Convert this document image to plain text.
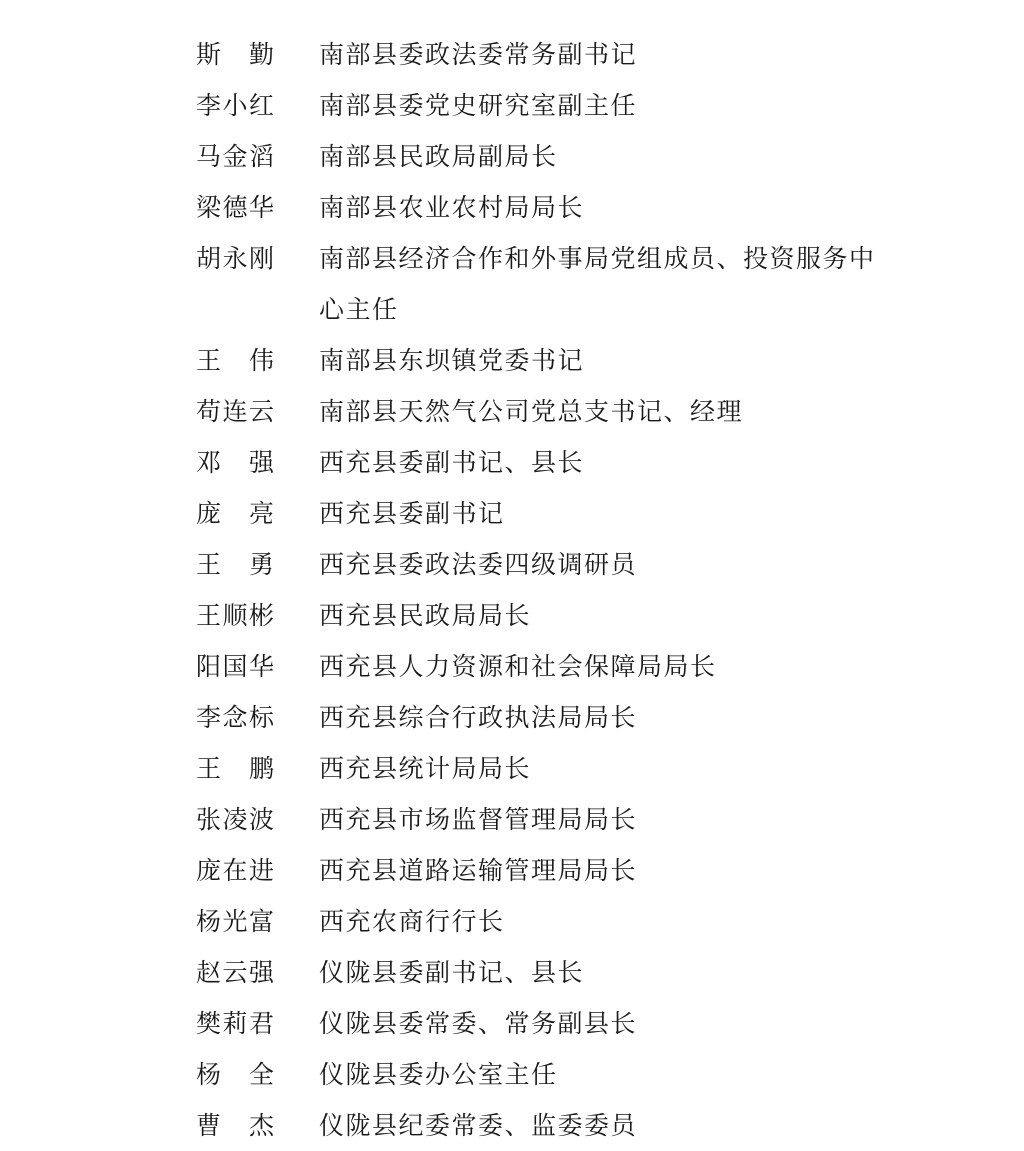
斯 勤 南部县委政法委常务副书记
李 小 红 南部县委党史研究室副主任
马 金 滔 南部县民政局副局长
梁 德 华 南部县农业农村局局长
胡 永 刚 南部县经济合作和外事局党组成员、投资服务中心主任
王 伟 南部县东坝镇党委书记
苟 连 云 南部县天然气公司党总支书记、经理
邓 强 西充县委副书记、县长
庞 亮 西充县委副书记
王 勇 西充县委政法委四级调研员
王 顺 彬 西充县民政局局长
阳 国 华 西充县人力资源和社会保障局局长
李 念 标 西充县综合行政执法局局长
王 鹏 西充县统计局局长
张 凌 波 西充县市场监督管理局局长
庞 在 进 西充县道路运输管理局局长
杨 光 富 西充农商行行长
赵 云 强 仪陇县委副书记、县长
樊 莉 君 仪陇县委常委、常务副县长
杨 全 仪陇县委办公室主任
曹 杰 仪陇县纪委常委、监委委员
